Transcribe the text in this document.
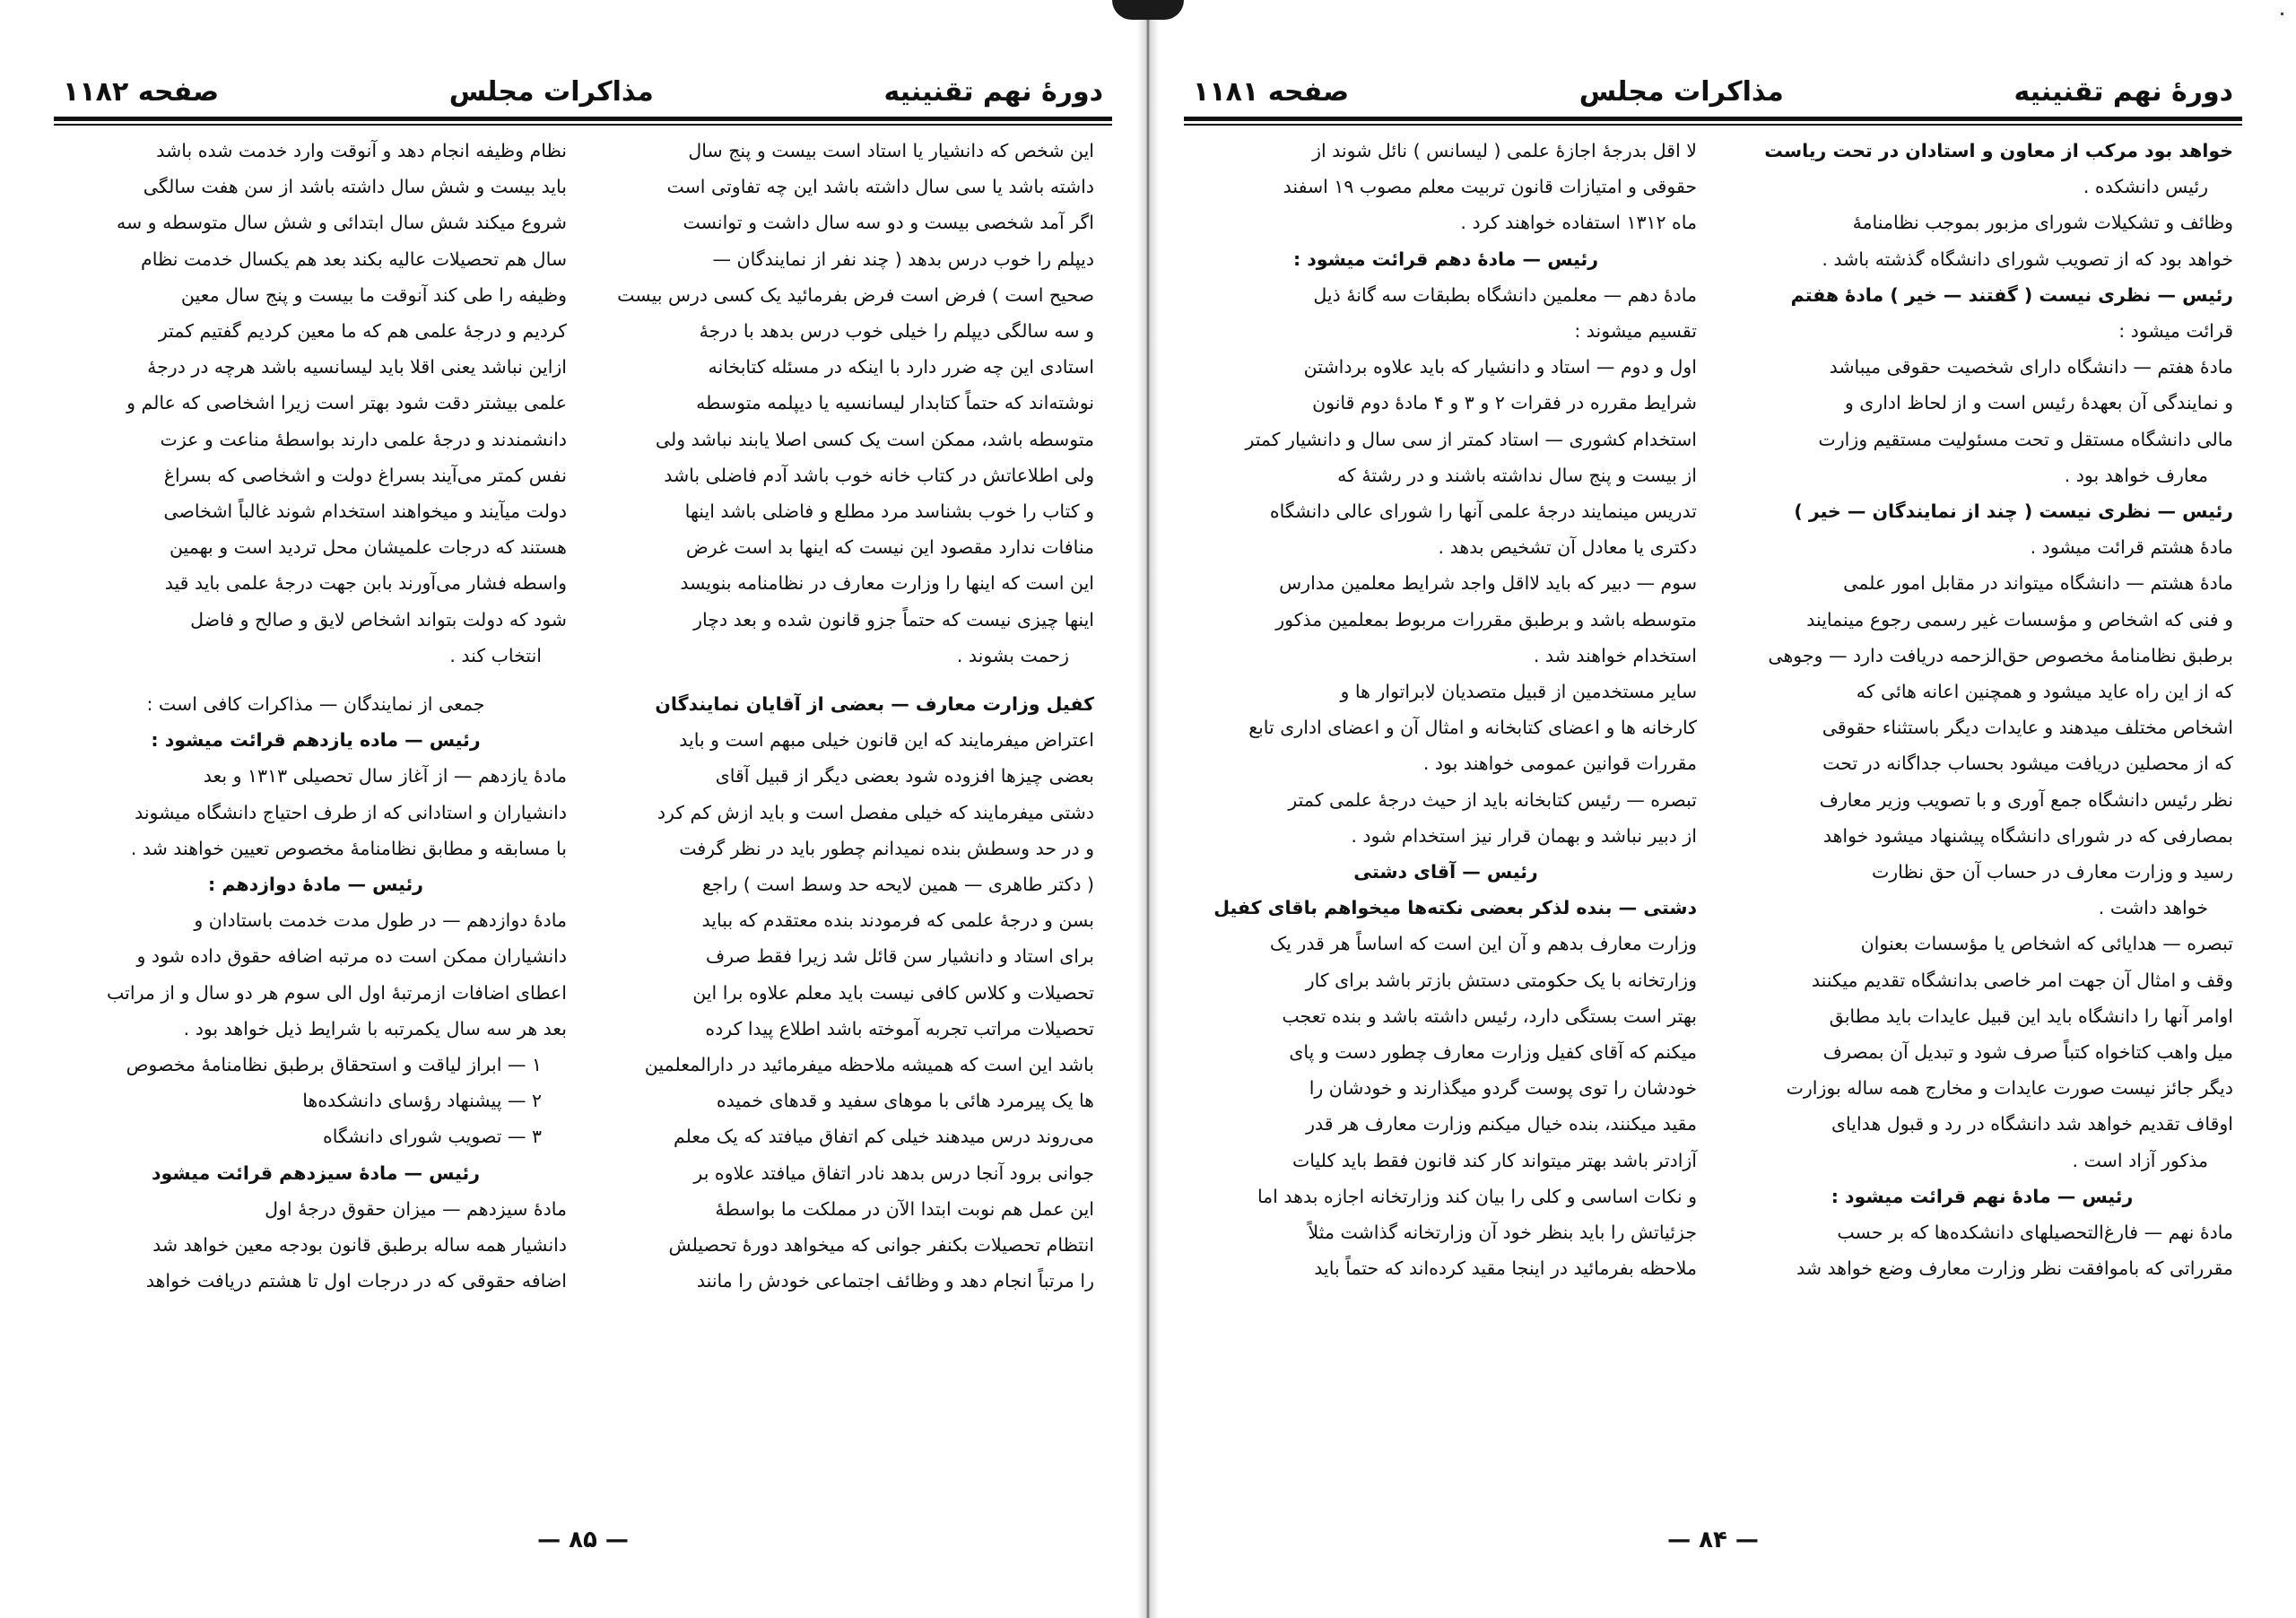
دورهٔ نهم تقنینیه
مذاکرات مجلس
صفحه ۱۱۸۲

این شخص که دانشیار یا استاد است بیست و پنج سال

داشته باشد یا سی سال داشته باشد این چه تفاوتی است

اگر آمد شخصی بیست و دو سه سال داشت و توانست

دیپلم را خوب درس بدهد ( چند نفر از نمایندگان —

صحیح است ) فرض است فرض بفرمائید یک کسی درس بیست

و سه سالگی دیپلم را خیلی خوب درس بدهد با درجهٔ

استادی این چه ضرر دارد با اینکه در مسئله کتابخانه

نوشته‌اند که حتماً کتابدار لیسانسیه یا دیپلمه متوسطه

متوسطه باشد، ممکن است یک کسی اصلا یابند نباشد ولی

ولی اطلاعاتش در کتاب خانه خوب باشد آدم فاضلی باشد

و کتاب را خوب بشناسد مرد مطلع و فاضلی باشد اینها

منافات ندارد مقصود این نیست که اینها بد است غرض

این است که اینها را وزارت معارف در نظامنامه بنویسد

اینها چیزی نیست که حتماً جزو قانون شده و بعد دچار

زحمت بشوند .

کفیل وزارت معارف — بعضی از آقایان نمایندگان

اعتراض میفرمایند که این قانون خیلی مبهم است و باید

بعضی چیزها افزوده شود بعضی دیگر از قبیل آقای

دشتی میفرمایند که خیلی مفصل است و باید ازش کم کرد

و در حد وسطش بنده نمیدانم چطور باید در نظر گرفت

( دکتر طاهری — همین لایحه حد وسط است ) راجع

بسن و درجهٔ علمی که فرمودند بنده معتقدم که بباید

برای استاد و دانشیار سن قائل شد زیرا فقط صرف

تحصیلات و کلاس کافی نیست باید معلم علاوه برا این

تحصیلات مراتب تجربه آموخته باشد اطلاع پیدا کرده

باشد این است که همیشه ملاحظه میفرمائید در دارالمعلمین

ها یک پیرمرد هائی با موهای سفید و قدهای خمیده

می‌روند درس میدهند خیلی کم اتفاق میافتد که یک معلم

جوانی برود آنجا درس بدهد نادر اتفاق میافتد علاوه بر

این عمل هم نوبت ابتدا الآن در مملکت ما بواسطهٔ

انتظام تحصیلات بکنفر جوانی که میخواهد دورهٔ تحصیلش

را مرتباً انجام دهد و وظائف اجتماعی خودش را مانند

نظام وظیفه انجام دهد و آنوقت وارد خدمت شده باشد

باید بیست و شش سال داشته باشد از سن هفت سالگی

شروع میکند شش سال ابتدائی و شش سال متوسطه و سه

سال هم تحصیلات عالیه بکند بعد هم یکسال خدمت نظام

وظیفه را طی کند آنوقت ما بیست و پنج سال معین

کردیم و درجهٔ علمی هم که ما معین کردیم گفتیم کمتر

ازاین نباشد یعنی اقلا باید لیسانسیه باشد هرچه در درجهٔ

علمی بیشتر دقت شود بهتر است زیرا اشخاصی که عالم و

دانشمندند و درجهٔ علمی دارند بواسطهٔ مناعت و عزت

نفس کمتر می‌آیند بسراغ دولت و اشخاصی که بسراغ

دولت میآیند و میخواهند استخدام شوند غالباً اشخاصی

هستند که درجات علمیشان محل تردید است و بهمین

واسطه فشار می‌آورند بابن جهت درجهٔ علمی باید قید

شود که دولت بتواند اشخاص لایق و صالح و فاضل

انتخاب کند .

جمعی از نمایندگان — مذاکرات کافی است :

رئیس — ماده یازدهم قرائت میشود :

مادهٔ یازدهم — از آغاز سال تحصیلی ۱۳۱۳ و بعد

دانشیاران و استادانی که از طرف احتیاج دانشگاه میشوند

با مسابقه و مطابق نظامنامهٔ مخصوص تعیین خواهند شد .

رئیس — مادهٔ دوازدهم :

مادهٔ دوازدهم — در طول مدت خدمت باستادان و

دانشیاران ممکن است ده مرتبه اضافه حقوق داده شود و

اعطای اضافات ازمرتبهٔ اول الی سوم هر دو سال و از مراتب

بعد هر سه سال یکمرتبه با شرایط ذیل خواهد بود .

۱ — ابراز لیاقت و استحقاق برطبق نظامنامهٔ مخصوص

۲ — پیشنهاد رؤسای دانشکده‌ها

۳ — تصویب شورای دانشگاه

رئیس — مادهٔ سیزدهم قرائت میشود

مادهٔ سیزدهم — میزان حقوق درجهٔ اول

دانشیار همه ساله برطبق قانون بودجه معین خواهد شد

اضافه حقوقی که در درجات اول تا هشتم دریافت خواهد

— ۸۵ —
دورهٔ نهم تقنینیه
مذاکرات مجلس
صفحه ۱۱۸۱

خواهد بود مرکب از معاون و استادان در تحت ریاست

رئیس دانشکده .

وظائف و تشکیلات شورای مزبور بموجب نظامنامهٔ

خواهد بود که از تصویب شورای دانشگاه گذشته باشد .

رئیس — نظری نیست ( گفتند — خیر ) مادهٔ هفتم

قرائت میشود :

مادهٔ هفتم — دانشگاه دارای شخصیت حقوقی میباشد

و نمایندگی آن بعهدهٔ رئیس است و از لحاظ اداری و

مالی دانشگاه مستقل و تحت مسئولیت مستقیم وزارت

معارف خواهد بود .

رئیس — نظری نیست ( چند از نمایندگان — خیر )

مادهٔ هشتم قرائت میشود .

مادهٔ هشتم — دانشگاه میتواند در مقابل امور علمی

و فنی که اشخاص و مؤسسات غیر رسمی رجوع مینمایند

برطبق نظامنامهٔ مخصوص حق‌الزحمه دریافت دارد — وجوهی

که از این راه عاید میشود و همچنین اعانه هائی که

اشخاص مختلف میدهند و عایدات دیگر باستثناء حقوقی

که از محصلین دریافت میشود بحساب جداگانه در تحت

نظر رئیس دانشگاه جمع آوری و با تصویب وزیر معارف

بمصارفی که در شورای دانشگاه پیشنهاد میشود خواهد

رسید و وزارت معارف در حساب آن حق نظارت

خواهد داشت .

تبصره — هدایائی که اشخاص یا مؤسسات بعنوان

وقف و امثال آن جهت امر خاصی بدانشگاه تقدیم میکنند

اوامر آنها را دانشگاه باید این قبیل عایدات باید مطابق

میل واهب کتاخواه کتباً صرف شود و تبدیل آن بمصرف

دیگر جائز نیست صورت عایدات و مخارج همه ساله بوزارت

اوقاف تقدیم خواهد شد دانشگاه در رد و قبول هدایای

مذکور آزاد است .

رئیس — مادهٔ نهم قرائت میشود :

مادهٔ نهم — فارغ‌التحصیلهای دانشکده‌ها که بر حسب

مقرراتی که باموافقت نظر وزارت معارف وضع خواهد شد

لا اقل بدرجهٔ اجازهٔ علمی ( لیسانس ) نائل شوند از

حقوقی و امتیازات قانون تربیت معلم مصوب ۱۹ اسفند

ماه ۱۳۱۲ استفاده خواهند کرد .

رئیس — مادهٔ دهم قرائت میشود :

مادهٔ دهم — معلمین دانشگاه بطبقات سه گانهٔ ذیل

تقسیم میشوند :

اول و دوم — استاد و دانشیار که باید علاوه برداشتن

شرایط مقرره در فقرات ۲ و ۳ و ۴ مادهٔ دوم قانون

استخدام کشوری — استاد کمتر از سی سال و دانشیار کمتر

از بیست و پنج سال نداشته باشند و در رشتهٔ که

تدریس مینمایند درجهٔ علمی آنها را شورای عالی دانشگاه

دکتری یا معادل آن تشخیص بدهد .

سوم — دبیر که باید لااقل واجد شرایط معلمین مدارس

متوسطه باشد و برطبق مقررات مربوط بمعلمین مذکور

استخدام خواهند شد .

سایر مستخدمین از قبیل متصدیان لابراتوار ها و

کارخانه ها و اعضای کتابخانه و امثال آن و اعضای اداری تابع

مقررات قوانین عمومی خواهند بود .

تبصره — رئیس کتابخانه باید از حیث درجهٔ علمی کمتر

از دبیر نباشد و بهمان قرار نیز استخدام شود .

رئیس — آقای دشتی

دشتی — بنده لذکر بعضی نکته‌ها میخواهم باقای کفیل

وزارت معارف بدهم و آن این است که اساساً هر قدر یک

وزارتخانه با یک حکومتی دستش بازتر باشد برای کار

بهتر است بستگی دارد، رئیس داشته باشد و بنده تعجب

میکنم که آقای کفیل وزارت معارف چطور دست و پای

خودشان را توی پوست گردو میگذارند و خودشان را

مقید میکنند، بنده خیال میکنم وزارت معارف هر قدر

آزادتر باشد بهتر میتواند کار کند قانون فقط باید کلیات

و نکات اساسی و کلی را بیان کند وزارتخانه اجازه بدهد اما

جزئیاتش را باید بنظر خود آن وزارتخانه گذاشت مثلاً

ملاحظه بفرمائید در اینجا مقید کرده‌اند که حتماً باید

— ۸۴ —
